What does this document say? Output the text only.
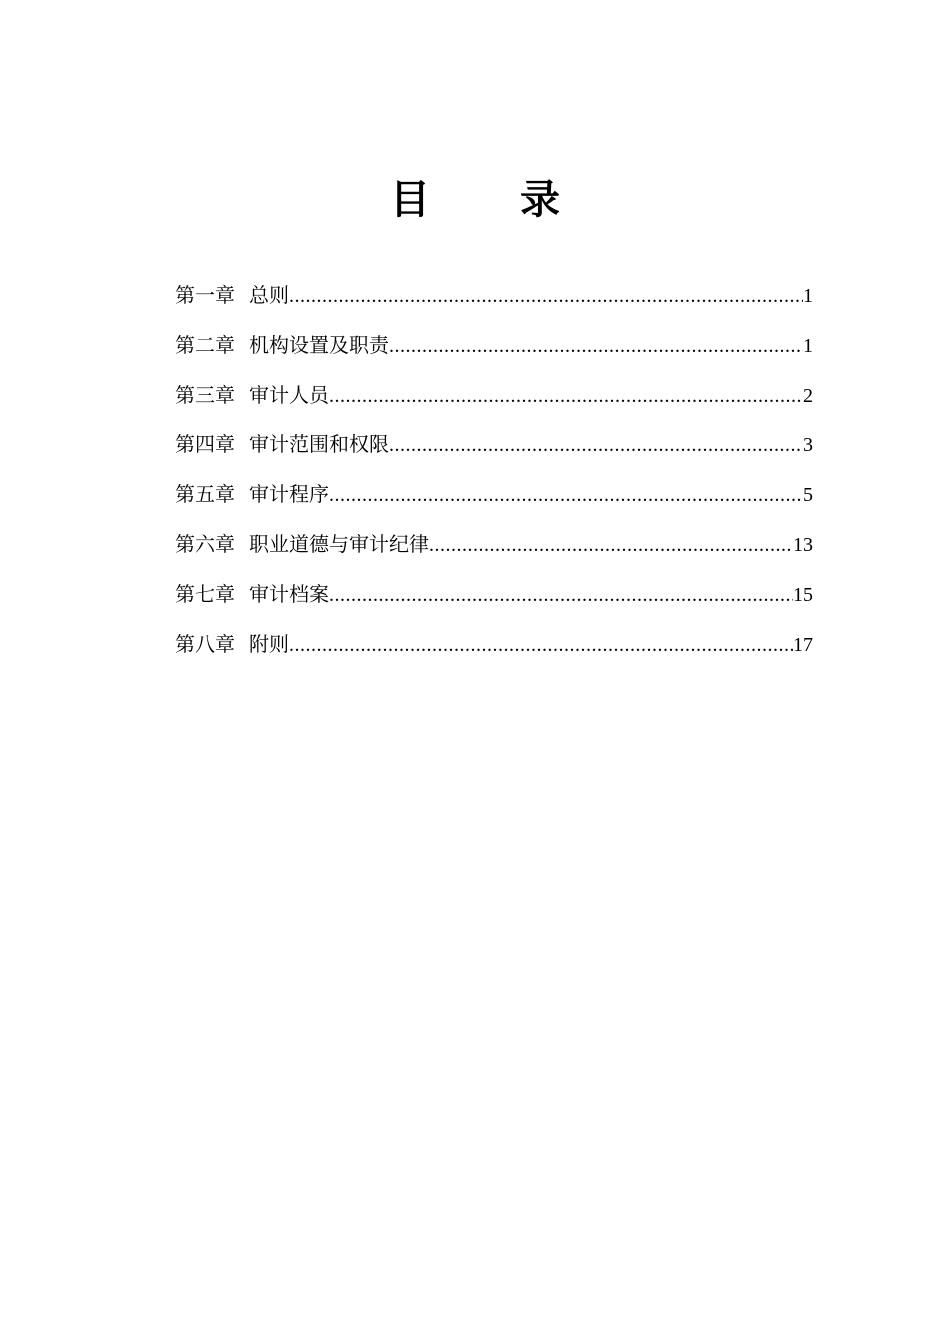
目 录
第一章 总则 .....	1
第二章 机构设置及职责 .....	1
第三章 审计人员 .....	2
第四章 审计范围和权限 .....	3
第五章 审计程序 .....	5
第六章 职业道德与审计纪律 .....	13
第七章 审计档案 .....	15
第八章 附则 .....	17
